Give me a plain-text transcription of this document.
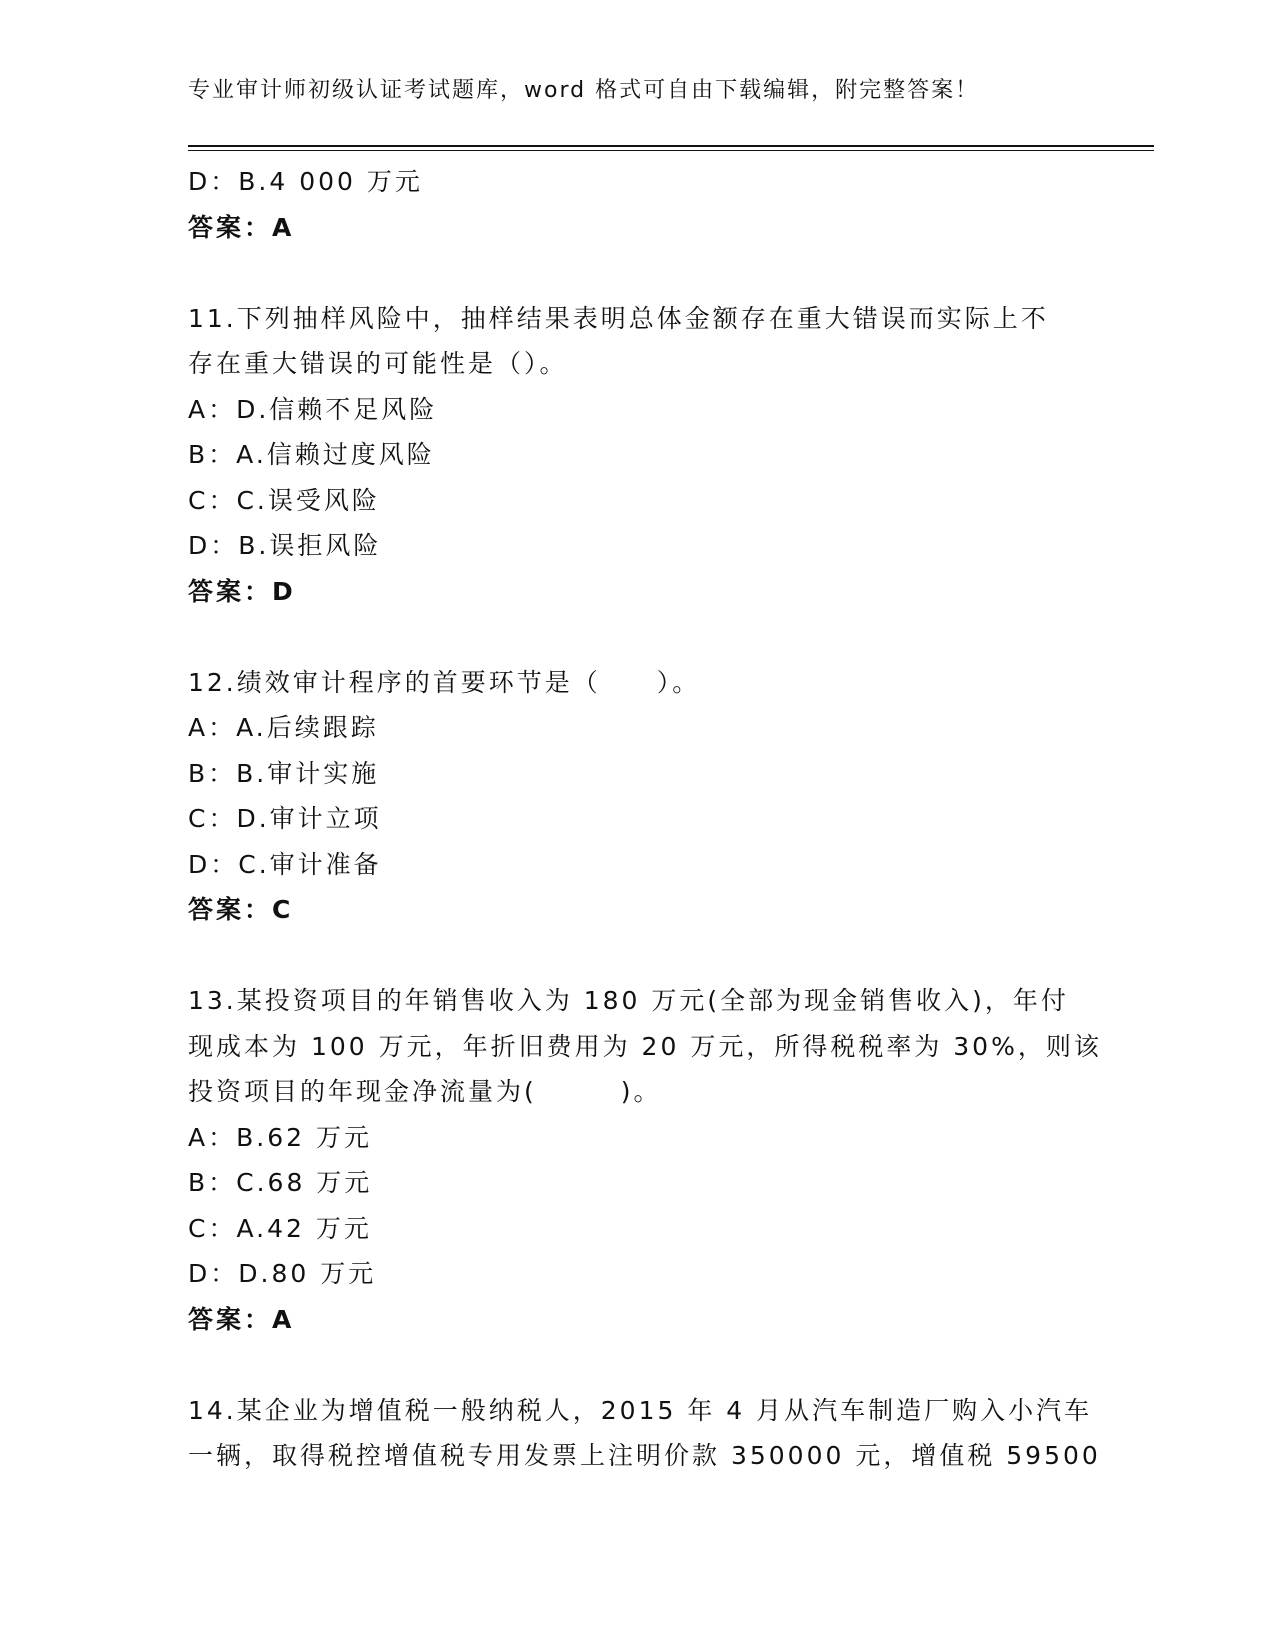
专业审计师初级认证考试题库，word 格式可自由下载编辑，附完整答案！
D：B.4 000 万元
答案：A
11.下列抽样风险中，抽样结果表明总体金额存在重大错误而实际上不
存在重大错误的可能性是（）。
A：D.信赖不足风险
B：A.信赖过度风险
C：C.误受风险
D：B.误拒风险
答案：D
12.绩效审计程序的首要环节是（　　）。
A：A.后续跟踪
B：B.审计实施
C：D.审计立项
D：C.审计准备
答案：C
13.某投资项目的年销售收入为 180 万元(全部为现金销售收入)，年付
现成本为 100 万元，年折旧费用为 20 万元，所得税税率为 30%，则该
投资项目的年现金净流量为(　　　)。
A：B.62 万元
B：C.68 万元
C：A.42 万元
D：D.80 万元
答案：A
14.某企业为增值税一般纳税人，2015 年 4 月从汽车制造厂购入小汽车
一辆，取得税控增值税专用发票上注明价款 350000 元，增值税 59500
